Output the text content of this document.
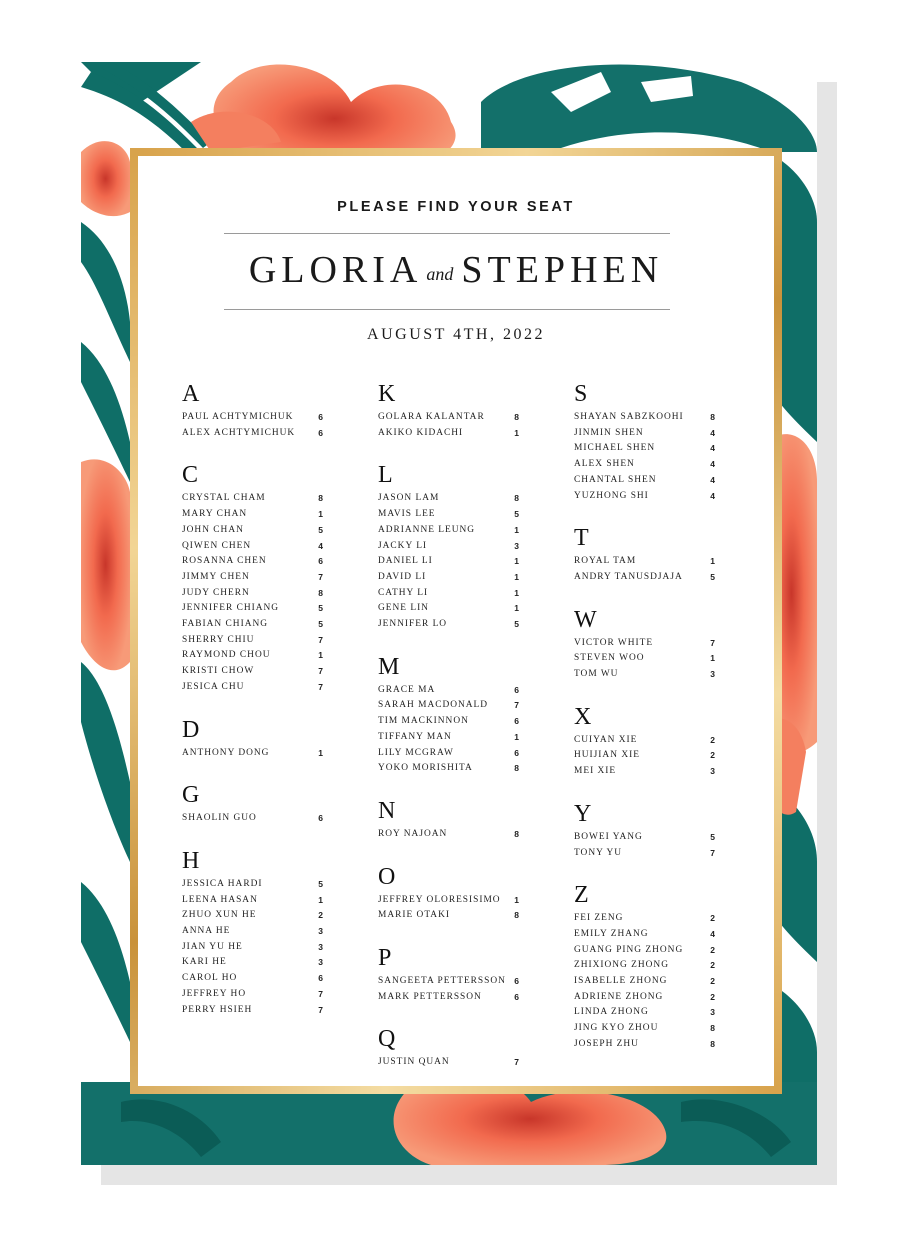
PLEASE FIND YOUR SEAT
GLORIA and STEPHEN
AUGUST 4TH, 2022
A
PAUL ACHTYMICHUK	6
ALEX ACHTYMICHUK	6
C
CRYSTAL CHAM	8
MARY CHAN	1
JOHN CHAN	5
QIWEN CHEN	4
ROSANNA CHEN	6
JIMMY CHEN	7
JUDY CHERN	8
JENNIFER CHIANG	5
FABIAN CHIANG	5
SHERRY CHIU	7
RAYMOND CHOU	1
KRISTI CHOW	7
JESICA CHU	7
D
ANTHONY DONG	1
G
SHAOLIN GUO	6
H
JESSICA HARDI	5
LEENA HASAN	1
ZHUO XUN HE	2
ANNA HE	3
JIAN YU HE	3
KARI HE	3
CAROL HO	6
JEFFREY HO	7
PERRY HSIEH	7
K
GOLARA KALANTAR	8
AKIKO KIDACHI	1
L
JASON LAM	8
MAVIS LEE	5
ADRIANNE LEUNG	1
JACKY LI	3
DANIEL LI	1
DAVID LI	1
CATHY LI	1
GENE LIN	1
JENNIFER LO	5
M
GRACE MA	6
SARAH MACDONALD	7
TIM MACKINNON	6
TIFFANY MAN	1
LILY MCGRAW	6
YOKO MORISHITA	8
N
ROY NAJOAN	8
O
JEFFREY OLORESISIMO 1
MARIE OTAKI	8
P
SANGEETA PETTERSSON 6
MARK PETTERSSON	6
Q
JUSTIN QUAN	7
S
SHAYAN SABZKOOHI	8
JINMIN SHEN	4
MICHAEL SHEN	4
ALEX SHEN	4
CHANTAL SHEN	4
YUZHONG SHI	4
T
ROYAL TAM	1
ANDRY TANUSDJAJA	5
W
VICTOR WHITE	7
STEVEN WOO	1
TOM WU	3
X
CUIYAN XIE	2
HUIJIAN XIE	2
MEI XIE	3
Y
BOWEI YANG	5
TONY YU	7
Z
FEI ZENG	2
EMILY ZHANG	4
GUANG PING ZHONG	2
ZHIXIONG ZHONG	2
ISABELLE ZHONG	2
ADRIENE ZHONG	2
LINDA ZHONG	3
JING KYO ZHOU	8
JOSEPH ZHU	8
